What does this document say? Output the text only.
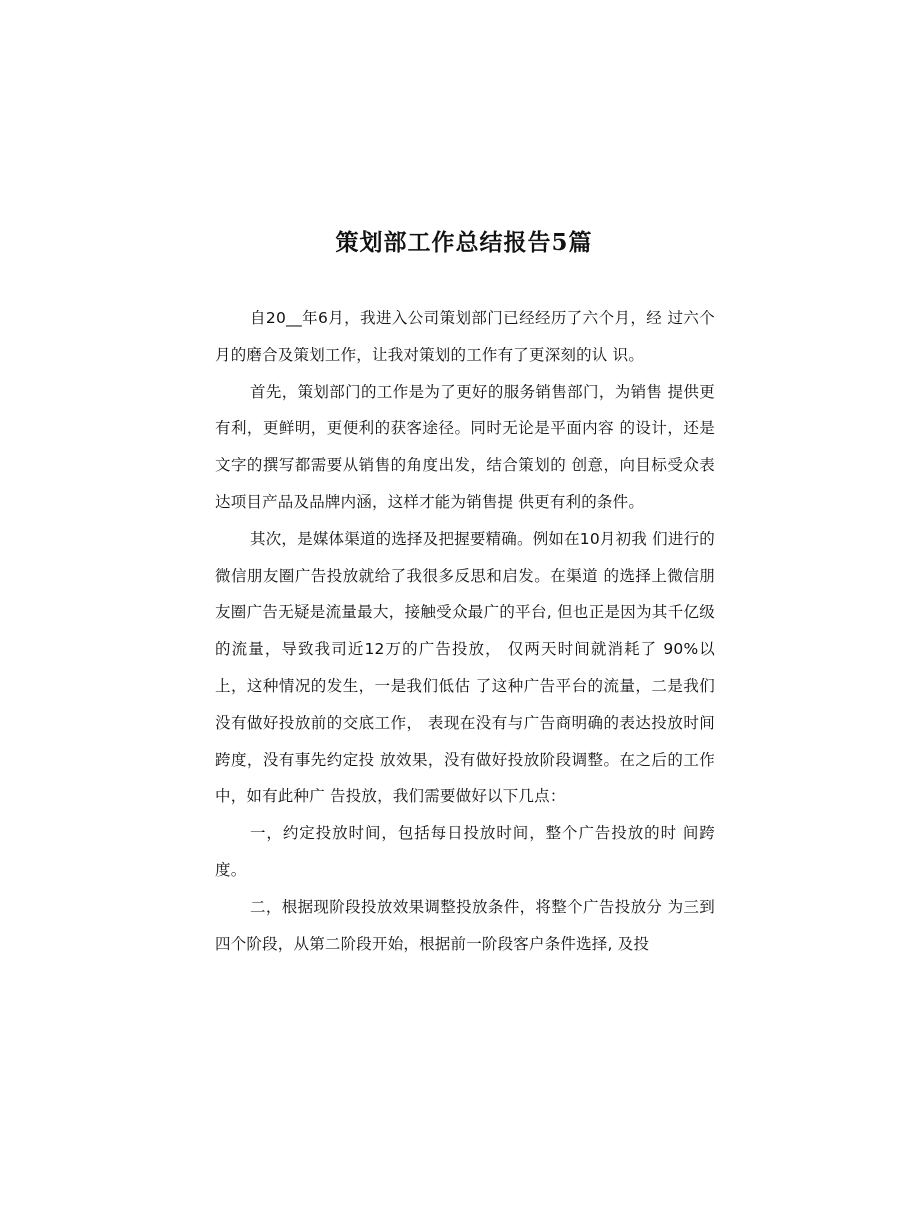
策划部工作总结报告5篇

自20__年6月，我进入公司策划部门已经经历了六个月，经 过六个月的磨合及策划工作，让我对策划的工作有了更深刻的认 识。

首先，策划部门的工作是为了更好的服务销售部门，为销售 提供更有利，更鲜明，更便利的获客途径。同时无论是平面内容 的设计，还是文字的撰写都需要从销售的角度出发，结合策划的 创意，向目标受众表达项目产品及品牌内涵，这样才能为销售提 供更有利的条件。

其次，是媒体渠道的选择及把握要精确。例如在10月初我 们进行的微信朋友圈广告投放就给了我很多反思和启发。在渠道 的选择上微信朋友圈广告无疑是流量最大，接触受众最广的平台, 但也正是因为其千亿级的流量，导致我司近12万的广告投放， 仅两天时间就消耗了 90%以上，这种情况的发生，一是我们低估 了这种广告平台的流量，二是我们没有做好投放前的交底工作， 表现在没有与广告商明确的表达投放时间跨度，没有事先约定投 放效果，没有做好投放阶段调整。在之后的工作中，如有此种广 告投放，我们需要做好以下几点：

一，约定投放时间，包括每日投放时间，整个广告投放的时 间跨度。

二，根据现阶段投放效果调整投放条件，将整个广告投放分 为三到四个阶段，从第二阶段开始，根据前一阶段客户条件选择, 及投
